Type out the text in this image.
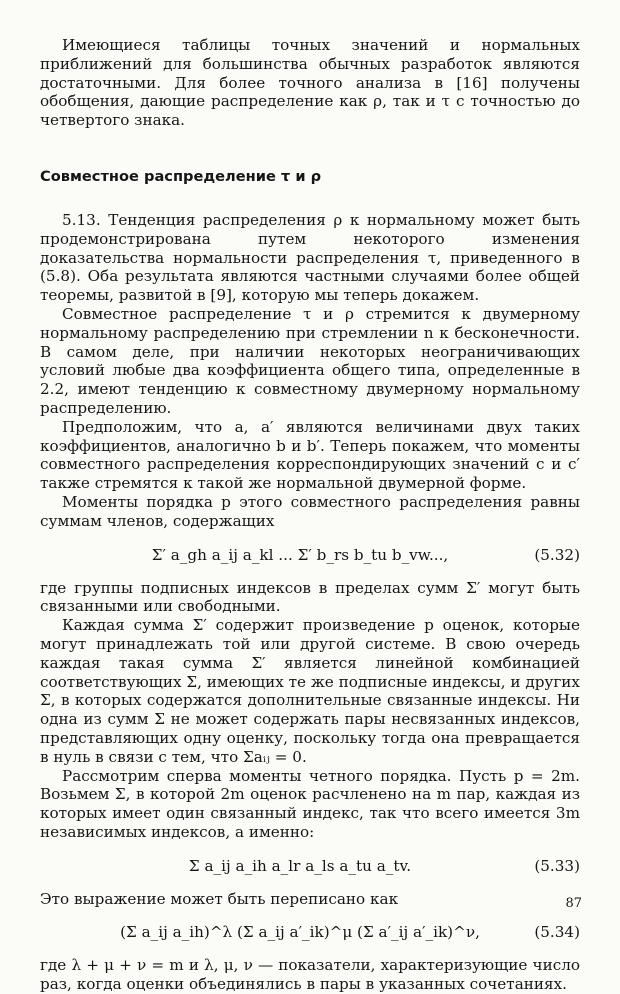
Имеющиеся таблицы точных значений и нормальных приближений для большинства обычных разработок являются достаточными. Для более точного анализа в [16] получены обобщения, дающие распределение как ρ, так и τ с точностью до четвертого знака.

Совместное распределение τ и ρ

5.13. Тенденция распределения ρ к нормальному может быть продемонстрирована путем некоторого изменения доказательства нормальности распределения τ, приведенного в (5.8). Оба результата являются частными случаями более общей теоремы, развитой в [9], которую мы теперь докажем.

Совместное распределение τ и ρ стремится к двумерному нормальному распределению при стремлении n к бесконечности. В самом деле, при наличии некоторых неограничивающих условий любые два коэффициента общего типа, определенные в 2.2, имеют тенденцию к совместному двумерному нормальному распределению.

Предположим, что a, a′ являются величинами двух таких коэффициентов, аналогично b и b′. Теперь покажем, что моменты совместного распределения корреспондирующих значений c и c′ также стремятся к такой же нормальной двумерной форме.

Моменты порядка p этого совместного распределения равны суммам членов, содержащих

Σ′ a_gh a_ij a_kl ... Σ′ b_rs b_tu b_vw...,	(5.32)

где группы подписных индексов в пределах сумм Σ′ могут быть связанными или свободными.

Каждая сумма Σ′ содержит произведение p оценок, которые могут принадлежать той или другой системе. В свою очередь каждая такая сумма Σ′ является линейной комбинацией соответствующих Σ, имеющих те же подписные индексы, и других Σ, в которых содержатся дополнительные связанные индексы. Ни одна из сумм Σ не может содержать пары несвязанных индексов, представляющих одну оценку, поскольку тогда она превращается в нуль в связи с тем, что Σaᵢⱼ = 0.

Рассмотрим сперва моменты четного порядка. Пусть p = 2m. Возьмем Σ, в которой 2m оценок расчленено на m пар, каждая из которых имеет один связанный индекс, так что всего имеется 3m независимых индексов, а именно:

Σ a_ij a_ih a_lr a_ls a_tu a_tv.	(5.33)

Это выражение может быть переписано как

(Σ a_ij a_ih)^λ (Σ a_ij a′_ik)^μ (Σ a′_ij a′_ik)^ν,	(5.34)

где λ + μ + ν = m и λ, μ, ν — показатели, характеризующие число раз, когда оценки объединялись в пары в указанных сочетаниях.

87
